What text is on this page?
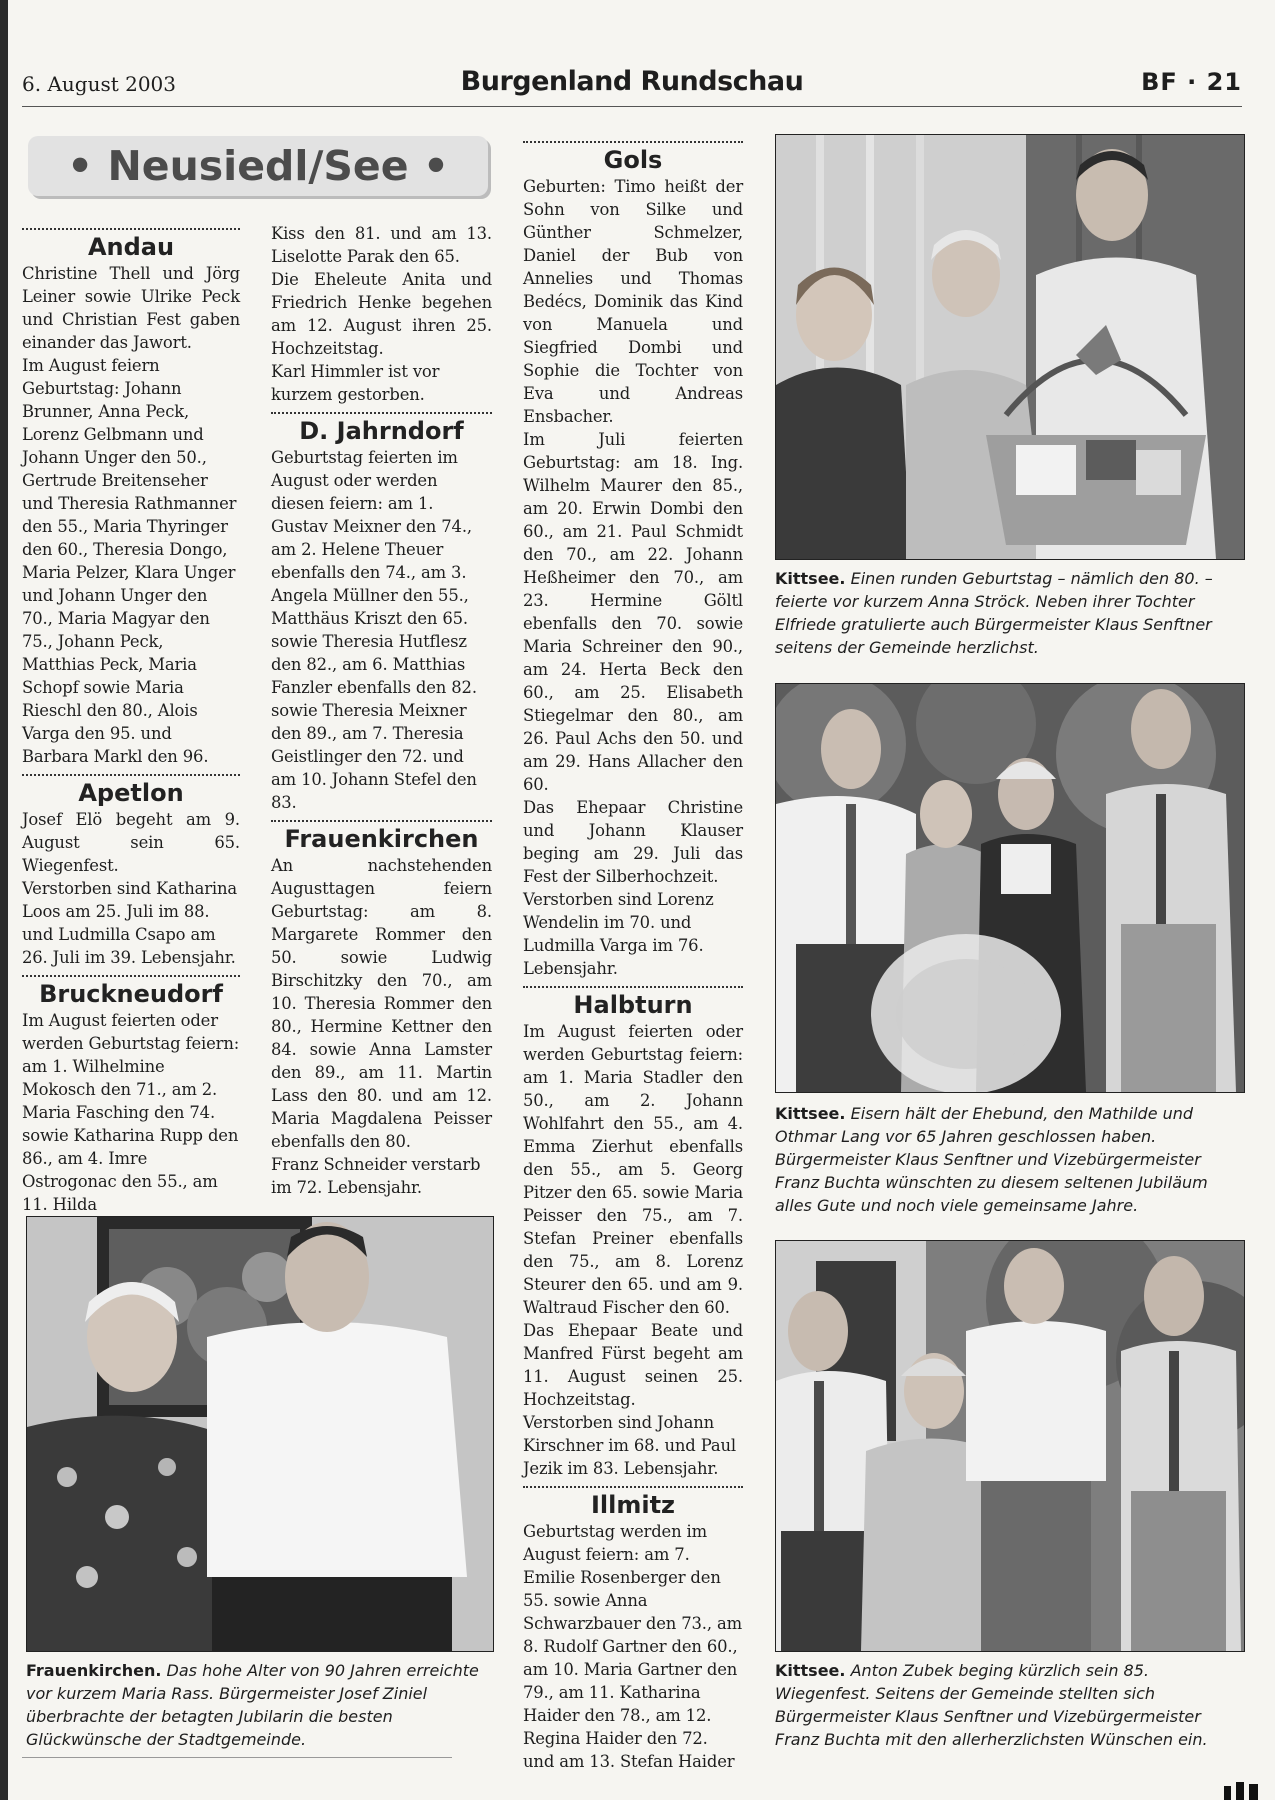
6. August 2003	Burgenland Rundschau	BF · 21
• Neusiedl/See •
Andau

Christine Thell und Jörg Leiner sowie Ulrike Peck und Christian Fest gaben einander das Jawort.

Im August feiern Geburtstag: Johann Brunner, Anna Peck, Lorenz Gelbmann und Johann Unger den 50., Gertrude Breitenseher und Theresia Rathmanner den 55., Maria Thyringer den 60., Theresia Dongo, Maria Pelzer, Klara Unger und Johann Unger den 70., Maria Magyar den 75., Johann Peck, Matthias Peck, Maria Schopf sowie Maria Rieschl den 80., Alois Varga den 95. und Barbara Markl den 96.

Apetlon

Josef Elö begeht am 9. August sein 65. Wiegenfest.

Verstorben sind Katharina Loos am 25. Juli im 88. und Ludmilla Csapo am 26. Juli im 39. Lebensjahr.

Bruckneudorf

Im August feierten oder werden Geburtstag feiern: am 1. Wilhelmine Mokosch den 71., am 2. Maria Fasching den 74. sowie Katharina Rupp den 86., am 4. Imre Ostrogonac den 55., am 11. Hilda

Kiss den 81. und am 13. Liselotte Parak den 65.

Die Eheleute Anita und Friedrich Henke begehen am 12. August ihren 25. Hochzeitstag.

Karl Himmler ist vor kurzem gestorben.

D. Jahrndorf

Geburtstag feierten im August oder werden diesen feiern: am 1. Gustav Meixner den 74., am 2. Helene Theuer ebenfalls den 74., am 3. Angela Müllner den 55., Matthäus Kriszt den 65. sowie Theresia Hutflesz den 82., am 6. Matthias Fanzler ebenfalls den 82. sowie Theresia Meixner den 89., am 7. Theresia Geistlinger den 72. und am 10. Johann Stefel den 83.

Frauenkirchen

An nachstehenden Augusttagen feiern Geburtstag: am 8. Margarete Rommer den 50. sowie Ludwig Birschitzky den 70., am 10. Theresia Rommer den 80., Hermine Kettner den 84. sowie Anna Lamster den 89., am 11. Martin Lass den 80. und am 12. Maria Magdalena Peisser ebenfalls den 80.

Franz Schneider verstarb im 72. Lebensjahr.

Gols

Geburten: Timo heißt der Sohn von Silke und Günther Schmelzer, Daniel der Bub von Annelies und Thomas Bedécs, Dominik das Kind von Manuela und Siegfried Dombi und Sophie die Tochter von Eva und Andreas Ensbacher.

Im Juli feierten Geburtstag: am 18. Ing. Wilhelm Maurer den 85., am 20. Erwin Dombi den 60., am 21. Paul Schmidt den 70., am 22. Johann Heßheimer den 70., am 23. Hermine Göltl ebenfalls den 70. sowie Maria Schreiner den 90., am 24. Herta Beck den 60., am 25. Elisabeth Stiegelmar den 80., am 26. Paul Achs den 50. und am 29. Hans Allacher den 60.

Das Ehepaar Christine und Johann Klauser beging am 29. Juli das Fest der Silberhochzeit.

Verstorben sind Lorenz Wendelin im 70. und Ludmilla Varga im 76. Lebensjahr.

Halbturn

Im August feierten oder werden Geburtstag feiern: am 1. Maria Stadler den 50., am 2. Johann Wohlfahrt den 55., am 4. Emma Zierhut ebenfalls den 55., am 5. Georg Pitzer den 65. sowie Maria Peisser den 75., am 7. Stefan Preiner ebenfalls den 75., am 8. Lorenz Steurer den 65. und am 9. Waltraud Fischer den 60.

Das Ehepaar Beate und Manfred Fürst begeht am 11. August seinen 25. Hochzeitstag.

Verstorben sind Johann Kirschner im 68. und Paul Jezik im 83. Lebensjahr.

Illmitz

Geburtstag werden im August feiern: am 7. Emilie Rosenberger den 55. sowie Anna Schwarzbauer den 73., am 8. Rudolf Gartner den 60., am 10. Maria Gartner den 79., am 11. Katharina Haider den 78., am 12. Regina Haider den 72. und am 13. Stefan Haider

Kittsee. Einen runden Geburtstag – nämlich den 80. – feierte vor kurzem Anna Ströck. Neben ihrer Tochter Elfriede gratulierte auch Bürgermeister Klaus Senftner seitens der Gemeinde herzlichst.
Kittsee. Eisern hält der Ehebund, den Mathilde und Othmar Lang vor 65 Jahren geschlossen haben. Bürgermeister Klaus Senftner und Vizebürgermeister Franz Buchta wünschten zu diesem seltenen Jubiläum alles Gute und noch viele gemeinsame Jahre.
Kittsee. Anton Zubek beging kürzlich sein 85. Wiegenfest. Seitens der Gemeinde stellten sich Bürgermeister Klaus Senftner und Vizebürgermeister Franz Buchta mit den allerherzlichsten Wünschen ein.
Frauenkirchen. Das hohe Alter von 90 Jahren erreichte vor kurzem Maria Rass. Bürgermeister Josef Ziniel überbrachte der betagten Jubilarin die besten Glückwünsche der Stadtgemeinde.
